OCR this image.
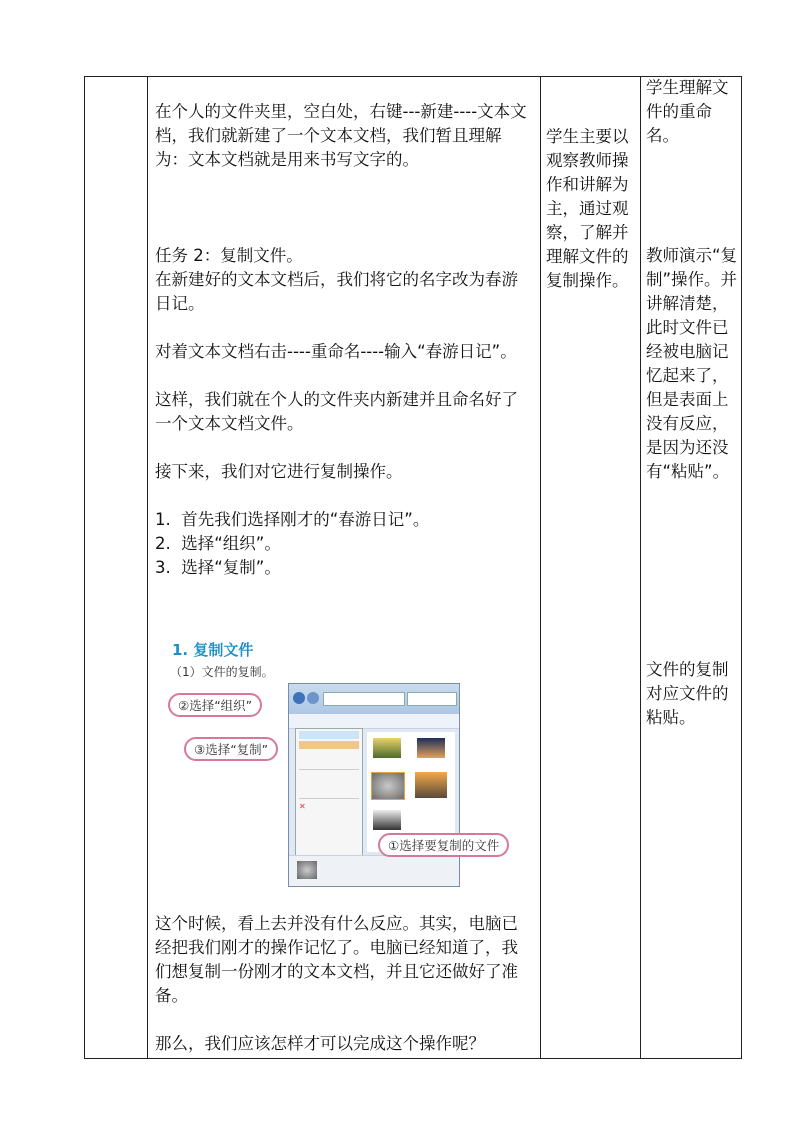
在个人的文件夹里，空白处，右键---新建----文本文档，我们就新建了一个文本文档，我们暂且理解为：文本文档就是用来书写文字的。

任务 2：复制文件。

在新建好的文本文档后，我们将它的名字改为春游日记。

对着文本文档右击----重命名----输入“春游日记”。

这样，我们就在个人的文件夹内新建并且命名好了一个文本文档文件。

接下来，我们对它进行复制操作。

1.  首先我们选择刚才的“春游日记”。

2.  选择“组织”。

3.  选择“复制”。

1. 复制文件
（1）文件的复制。
✕
②选择“组织”
③选择“复制”
①选择要复制的文件

这个时候，看上去并没有什么反应。其实，电脑已经把我们刚才的操作记忆了。电脑已经知道了，我们想复制一份刚才的文本文档，并且它还做好了准备。

那么，我们应该怎样才可以完成这个操作呢？

学生主要以观察教师操作和讲解为主，通过观察，了解并理解文件的复制操作。

学生理解文件的重命名。

教师演示“复制”操作。并讲解清楚，此时文件已经被电脑记忆起来了，但是表面上没有反应，是因为还没有“粘贴”。

文件的复制对应文件的粘贴。
